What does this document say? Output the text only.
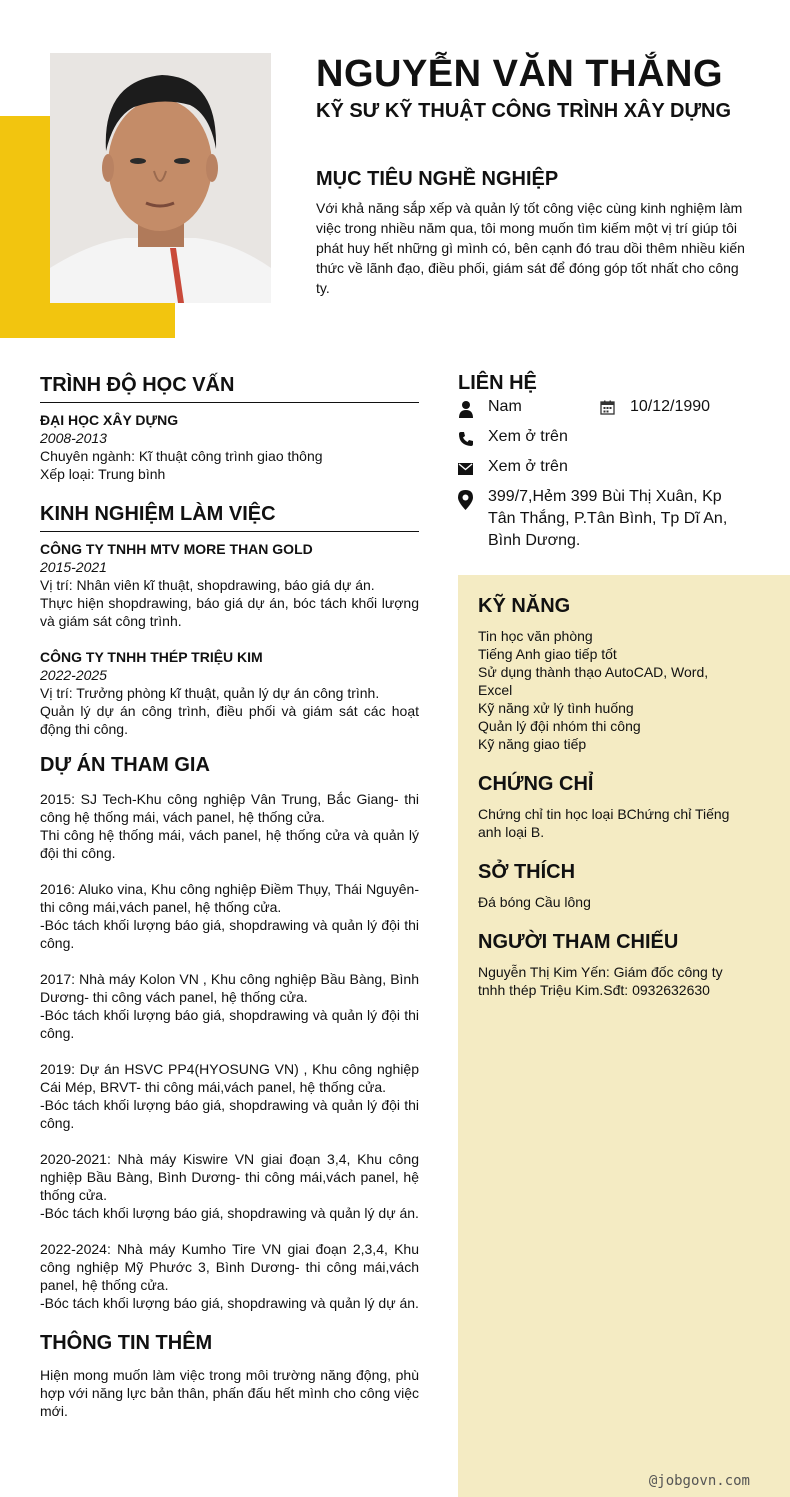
NGUYỄN VĂN THẮNG
KỸ SƯ KỸ THUẬT CÔNG TRÌNH XÂY DỰNG
MỤC TIÊU NGHỀ NGHIỆP

Với khả năng sắp xếp và quản lý tốt công việc cùng kinh nghiệm làm việc trong nhiều năm qua, tôi mong muốn tìm kiếm một vị trí giúp tôi phát huy hết những gì mình có, bên cạnh đó trau dồi thêm nhiều kiến thức về lãnh đạo, điều phối, giám sát để đóng góp tốt nhất cho công ty.

TRÌNH ĐỘ HỌC VẤN

ĐẠI HỌC XÂY DỰNG

2008-2013

Chuyên ngành: Kĩ thuật công trình giao thông

Xếp loại: Trung bình

KINH NGHIỆM LÀM VIỆC

CÔNG TY TNHH MTV MORE THAN GOLD

2015-2021

Vị trí: Nhân viên kĩ thuật, shopdrawing, báo giá dự án.

Thực hiện shopdrawing, báo giá dự án, bóc tách khối lượng và giám sát công trình.

CÔNG TY TNHH THÉP TRIỆU KIM

2022-2025

Vị trí: Trưởng phòng kĩ thuật, quản lý dự án công trình.

Quản lý dự án công trình, điều phối và giám sát các hoạt động thi công.

DỰ ÁN THAM GIA

2015: SJ Tech-Khu công nghiệp Vân Trung, Bắc Giang- thi công hệ thống mái, vách panel, hệ thống cửa.

Thi công hệ thống mái, vách panel, hệ thống cửa và quản lý đội thi công.

2016: Aluko vina, Khu công nghiệp Điềm Thụy, Thái Nguyên- thi công mái,vách panel, hệ thống cửa.

-Bóc tách khối lượng báo giá, shopdrawing và quản lý đội thi công.

2017: Nhà máy Kolon VN , Khu công nghiệp Bầu Bàng, Bình Dương- thi công vách panel, hệ thống cửa.

-Bóc tách khối lượng báo giá, shopdrawing và quản lý đội thi công.

2019: Dự án HSVC PP4(HYOSUNG VN) , Khu công nghiệp Cái Mép, BRVT- thi công mái,vách panel, hệ thống cửa.

-Bóc tách khối lượng báo giá, shopdrawing và quản lý đội thi công.

2020-2021: Nhà máy Kiswire VN giai đoạn 3,4, Khu công nghiệp Bầu Bàng, Bình Dương- thi công mái,vách panel, hệ thống cửa.

-Bóc tách khối lượng báo giá, shopdrawing và quản lý dự án.

2022-2024: Nhà máy Kumho Tire VN giai đoạn 2,3,4, Khu công nghiệp Mỹ Phước 3, Bình Dương- thi công mái,vách panel, hệ thống cửa.

-Bóc tách khối lượng báo giá, shopdrawing và quản lý dự án.

THÔNG TIN THÊM

Hiện mong muốn làm việc trong môi trường năng động, phù hợp với năng lực bản thân, phấn đấu hết mình cho công việc mới.

LIÊN HỆ

Nam	10/12/1990

Xem ở trên

Xem ở trên

399/7,Hẻm 399 Bùi Thị Xuân, Kp Tân Thắng, P.Tân Bình, Tp Dĩ An, Bình Dương.

KỸ NĂNG

Tin học văn phòng

Tiếng Anh giao tiếp tốt

Sử dụng thành thạo AutoCAD, Word, Excel

Kỹ năng xử lý tình huống

Quản lý đội nhóm thi công

Kỹ năng giao tiếp

CHỨNG CHỈ

Chứng chỉ tin học loại BChứng chỉ Tiếng anh loại B.

SỞ THÍCH

Đá bóng Cầu lông

NGƯỜI THAM CHIẾU

Nguyễn Thị Kim Yến: Giám đốc công ty tnhh thép Triệu Kim.Sđt: 0932632630

@jobgovn.com
